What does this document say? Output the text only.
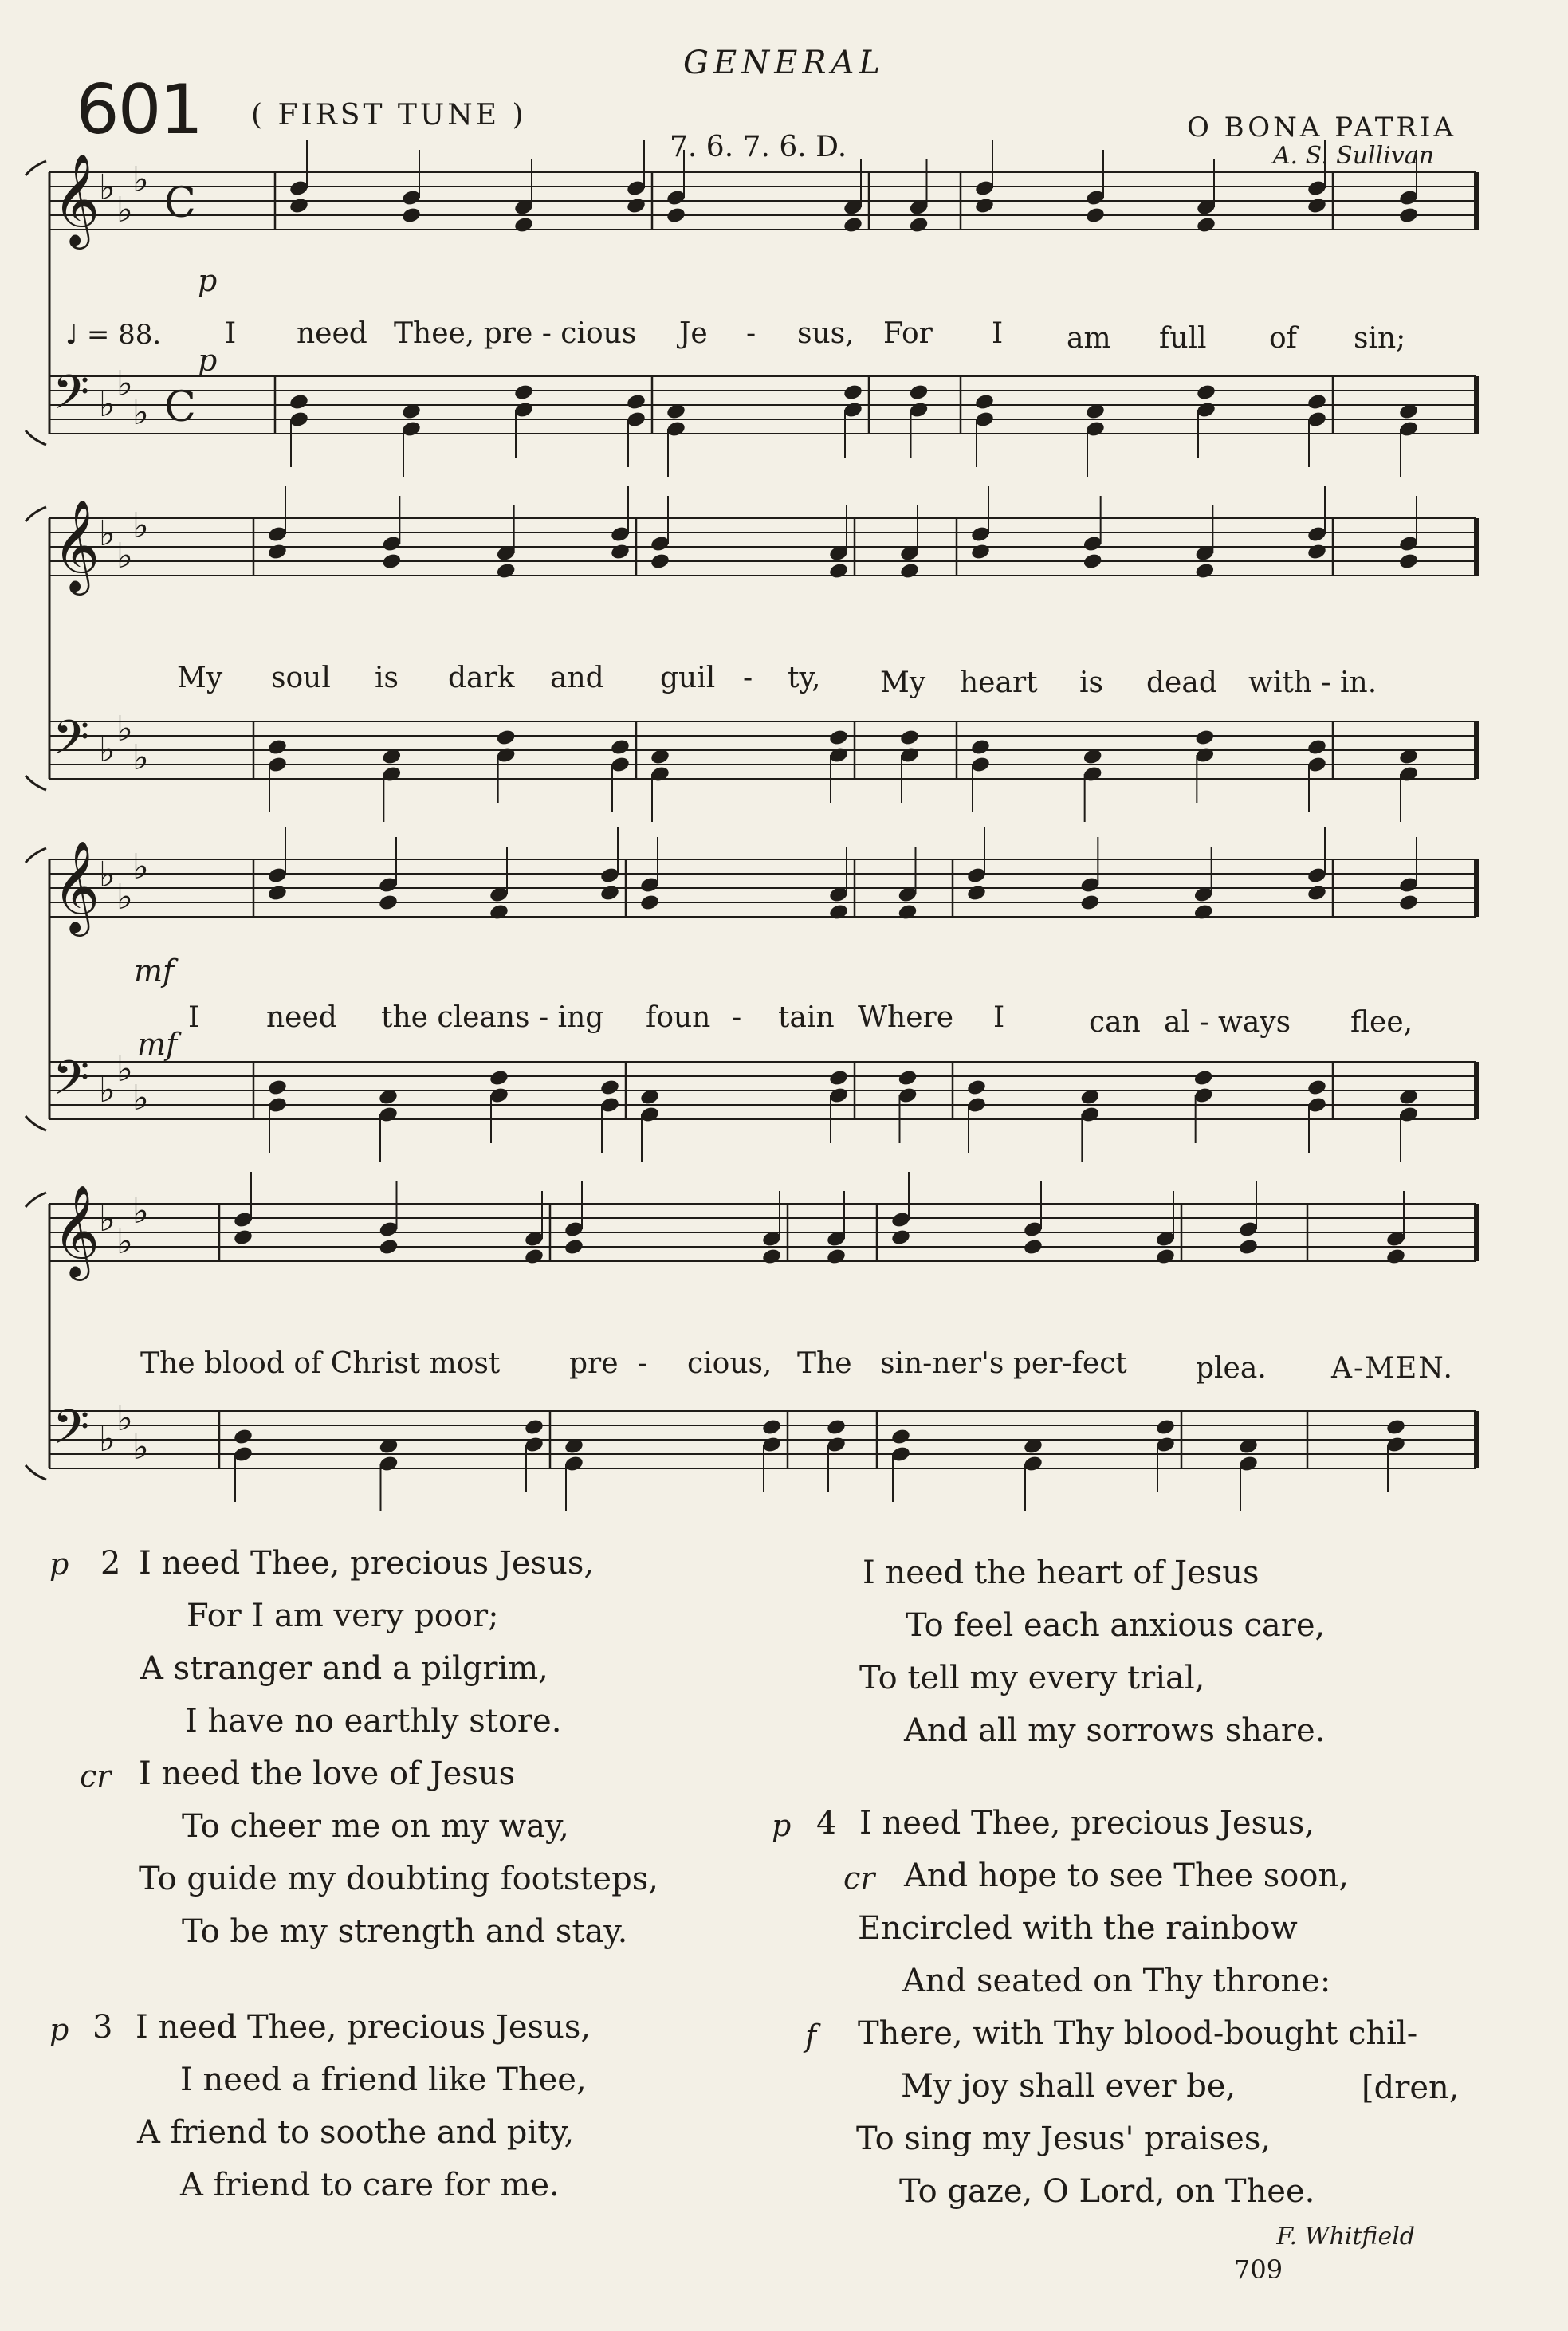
GENERAL
601 ( FIRST TUNE )	O BONA PATRIA
7. 6. 7. 6. D.	A. S. Sullivan
𝄞
♭
♭
♭ C
𝄢 ♭
♭
♭ C
𝄞
♭
♭
♭
𝄢 ♭
♭
♭
𝄞
♭
♭
♭
𝄢 ♭
♭
♭
𝄞
♭
♭
♭
𝄢 ♭
♭
♭
♩ = 88.
p
p
mf
mf
I need Thee, pre - cious Je - sus, For I am full of sin;
My soul is dark and guil - ty, My heart is dead with - in.
I need the cleans - ing foun - tain Where I	can al - ways flee,
The blood of Christ most pre - cious, The sin-ner's per-fect plea. A-MEN.
p 2 I need Thee, precious Jesus,
For I am very poor;
A stranger and a pilgrim,
I have no earthly store.
cr I need the love of Jesus
To cheer me on my way,
To guide my doubting footsteps,
To be my strength and stay.
p 3 I need Thee, precious Jesus,
I need a friend like Thee,
A friend to soothe and pity,
A friend to care for me.
I need the heart of Jesus
To feel each anxious care,
To tell my every trial,
And all my sorrows share.
p 4 I need Thee, precious Jesus,
cr And hope to see Thee soon,
Encircled with the rainbow
And seated on Thy throne:
f There, with Thy blood-bought chil-
My joy shall ever be,	[dren,
To sing my Jesus' praises,
To gaze, O Lord, on Thee.
F. Whitfield
709
